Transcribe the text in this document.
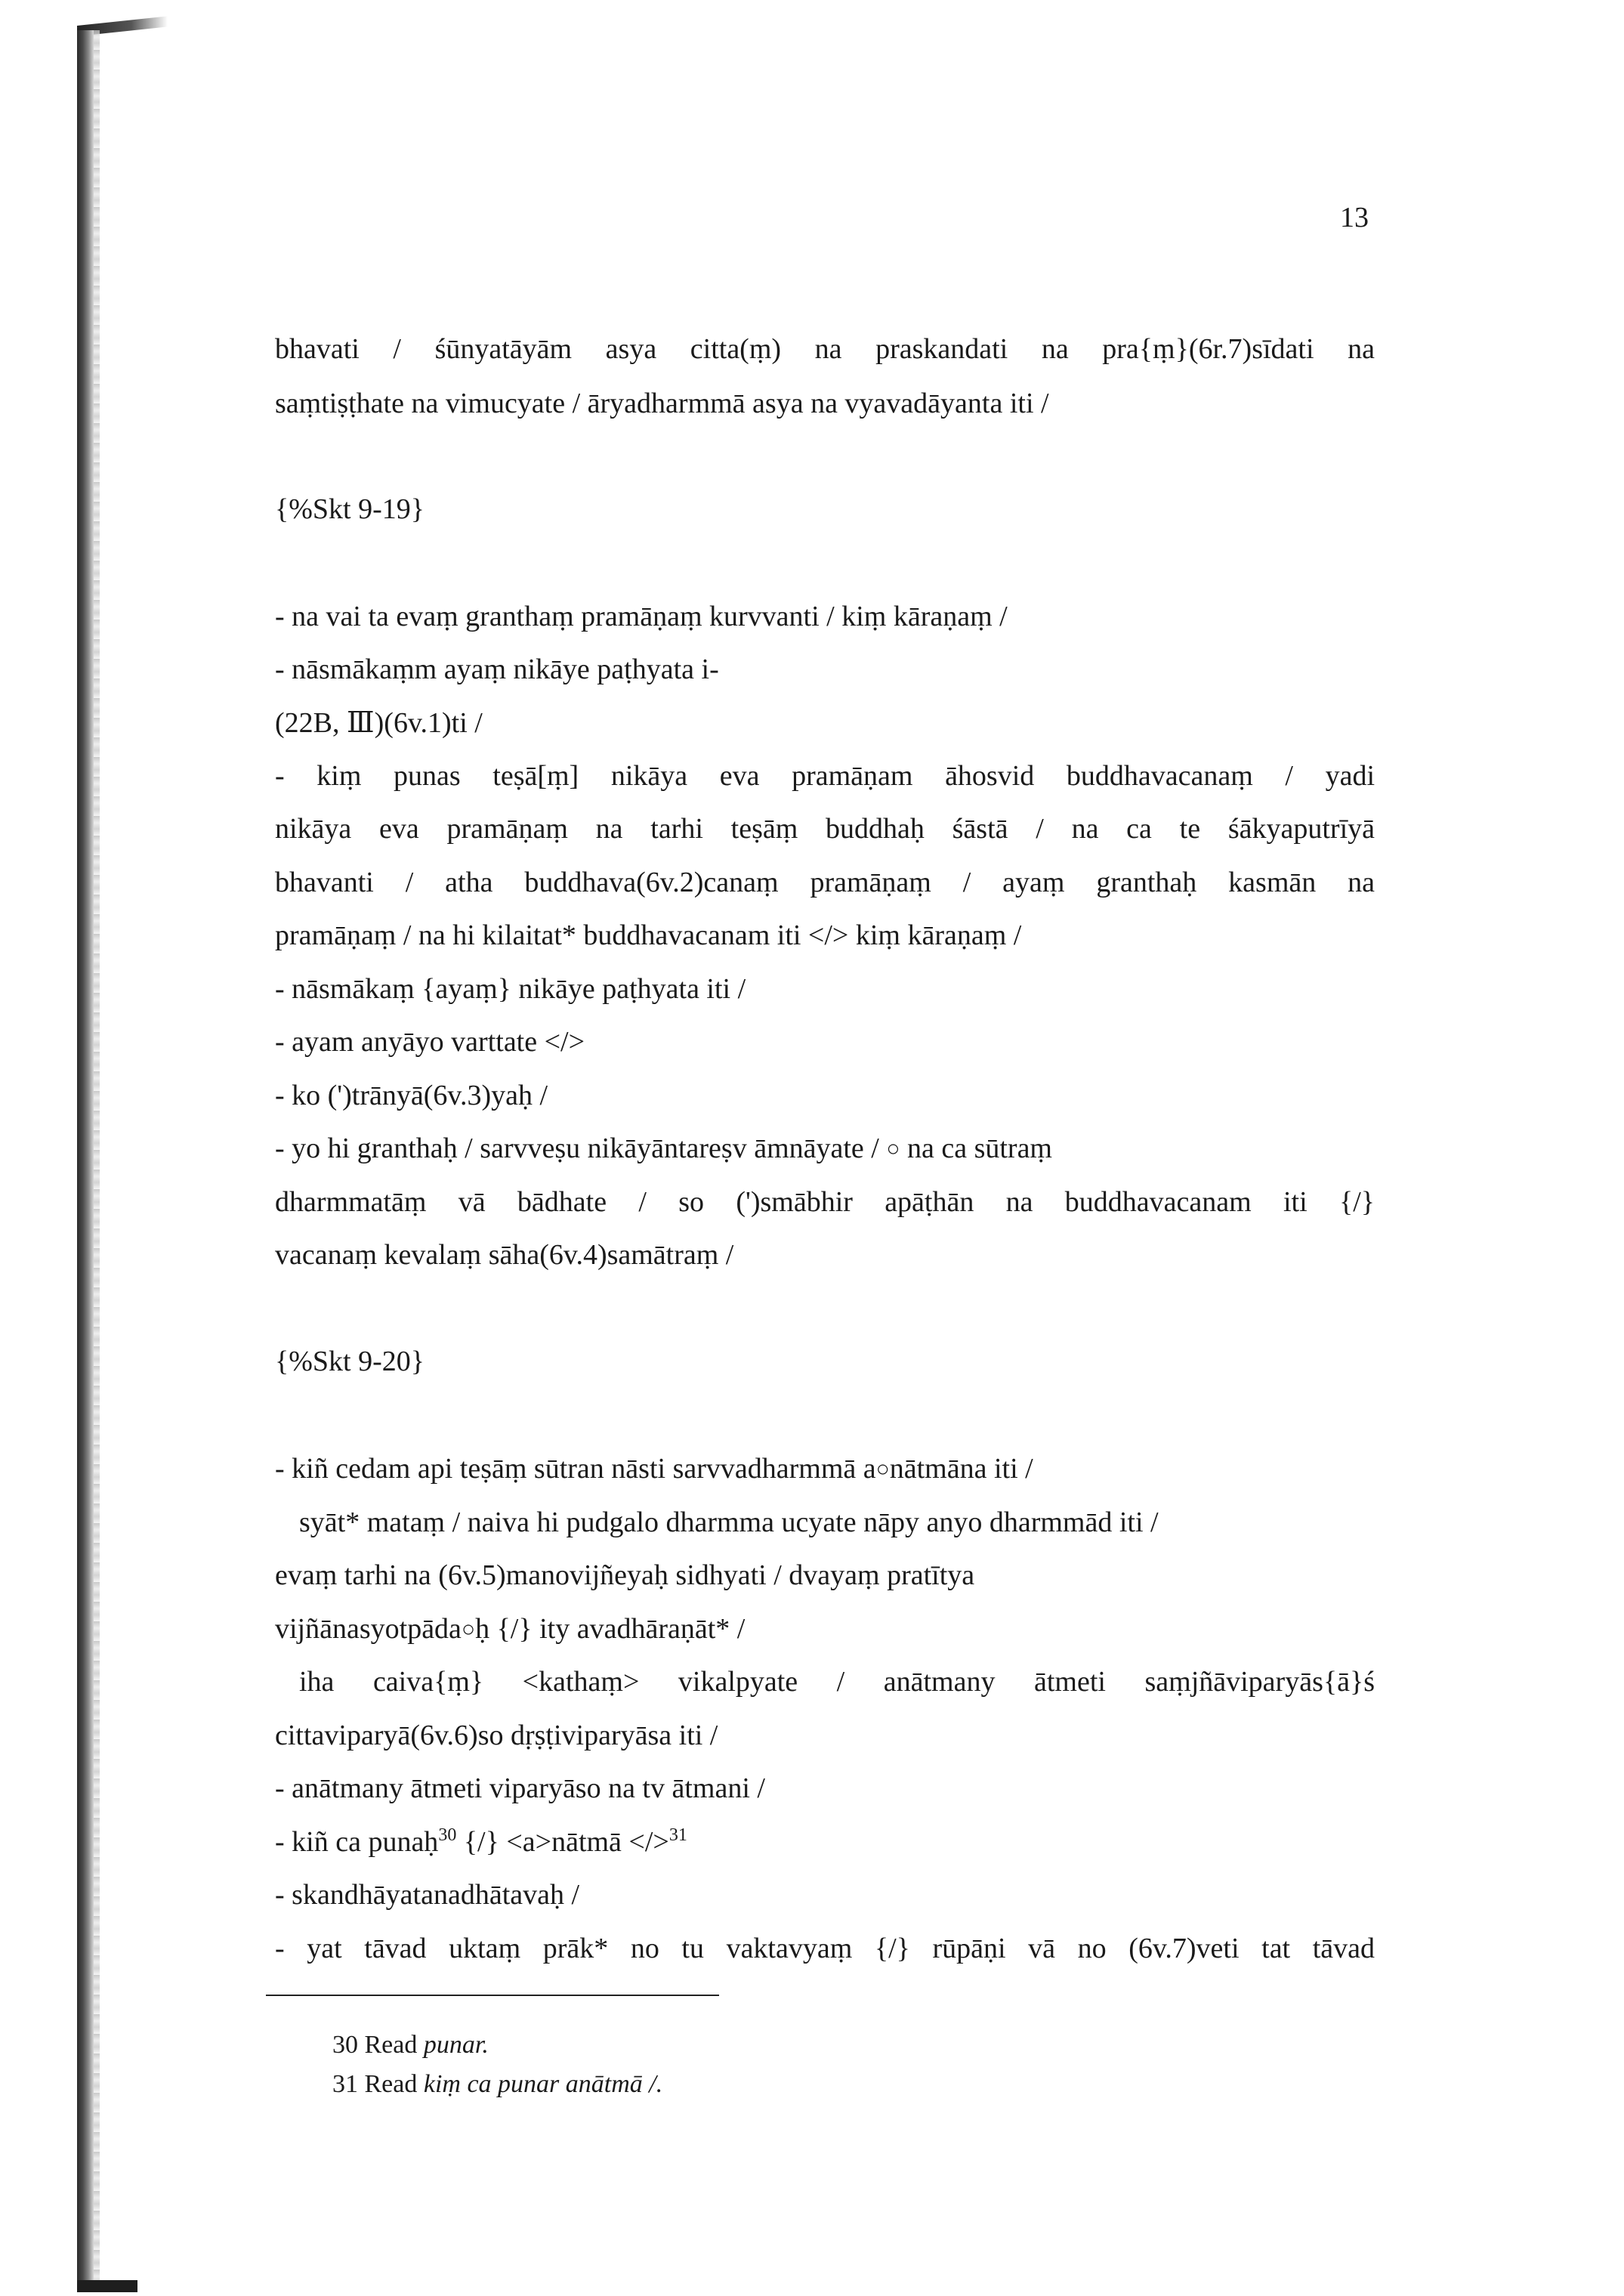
13
bhavati / śūnyatāyām asya citta(ṃ) na praskandati na pra{ṃ}(6r.7)sīdati na
saṃtiṣṭhate na vimucyate / āryadharmmā asya na vyavadāyanta iti /
{%Skt 9-19}
- na vai ta evaṃ granthaṃ pramāṇaṃ kurvvanti / kiṃ kāraṇaṃ /
- nāsmākaṃm ayaṃ nikāye paṭhyata i-
(22B, Ⅲ)(6v.1)ti /
- kiṃ punas teṣā[ṃ] nikāya eva pramāṇam āhosvid buddhavacanaṃ / yadi
nikāya eva pramāṇaṃ na tarhi teṣāṃ buddhaḥ śāstā / na ca te śākyaputrīyā
bhavanti / atha buddhava(6v.2)canaṃ pramāṇaṃ / ayaṃ granthaḥ kasmān na
pramāṇaṃ / na hi kilaitat* buddhavacanam iti </> kiṃ kāraṇaṃ /
- nāsmākaṃ {ayaṃ} nikāye paṭhyata iti /
- ayam anyāyo varttate </>
- ko (')trānyā(6v.3)yaḥ /
- yo hi granthaḥ / sarvveṣu nikāyāntareṣv āmnāyate / ○ na ca sūtraṃ
dharmmatāṃ vā bādhate / so (')smābhir apāṭhān na buddhavacanam iti {/}
vacanaṃ kevalaṃ sāha(6v.4)samātraṃ /
{%Skt 9-20}
- kiñ cedam api teṣāṃ sūtran nāsti sarvvadharmmā a○nātmāna iti /
syāt* mataṃ / naiva hi pudgalo dharmma ucyate nāpy anyo dharmmād iti /
evaṃ tarhi na (6v.5)manovijñeyaḥ sidhyati / dvayaṃ pratītya
vijñānasyotpāda○ḥ {/} ity avadhāraṇāt* /
iha caiva{ṃ} <kathaṃ> vikalpyate / anātmany ātmeti saṃjñāviparyās{ā}ś
cittaviparyā(6v.6)so dṛṣṭiviparyāsa iti /
- anātmany ātmeti viparyāso na tv ātmani /
- kiñ ca punaḥ$^{30}$ {/} <a>nātmā </>$^{31}$
- skandhāyatanadhātavaḥ /
- yat tāvad uktaṃ prāk* no tu vaktavyaṃ {/} rūpāṇi vā no (6v.7)veti tat tāvad
30 Read punar.
31 Read kiṃ ca punar anātmā /.
